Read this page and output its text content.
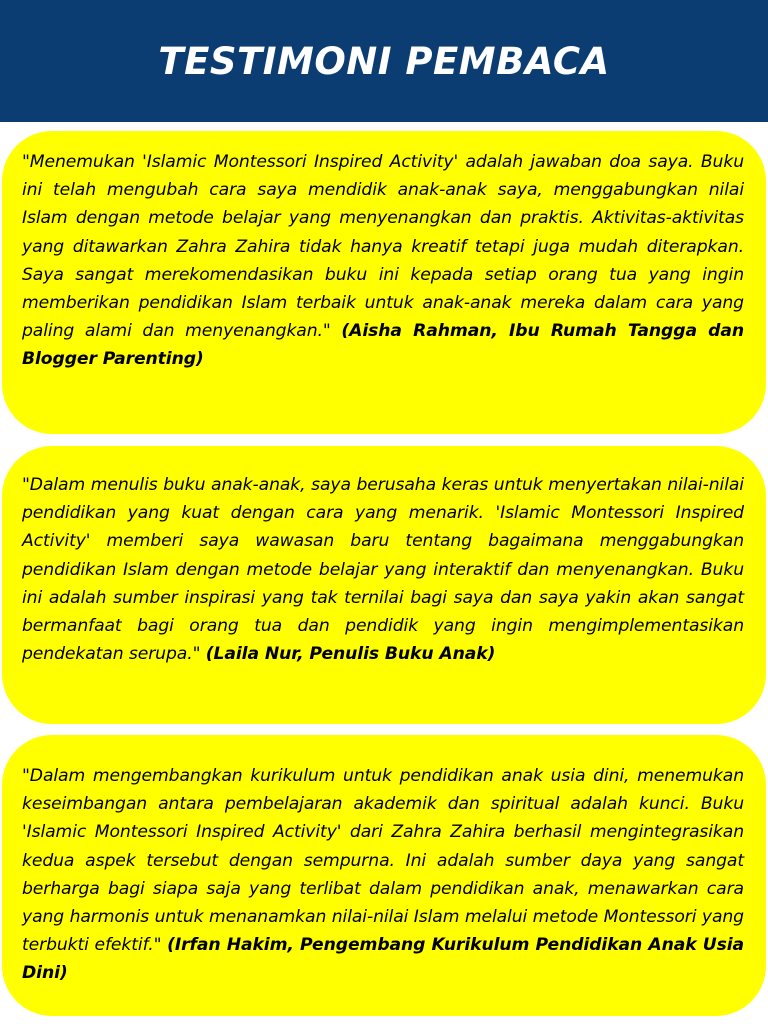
TESTIMONI PEMBACA

"Menemukan 'Islamic Montessori Inspired Activity' adalah jawaban doa saya. Buku ini telah mengubah cara saya mendidik anak-anak saya, menggabungkan nilai Islam dengan metode belajar yang menyenangkan dan praktis. Aktivitas-aktivitas yang ditawarkan Zahra Zahira tidak hanya kreatif tetapi juga mudah diterapkan. Saya sangat merekomendasikan buku ini kepada setiap orang tua yang ingin memberikan pendidikan Islam terbaik untuk anak-anak mereka dalam cara yang paling alami dan menyenangkan." (Aisha Rahman, Ibu Rumah Tangga dan Blogger Parenting)

"Dalam menulis buku anak-anak, saya berusaha keras untuk menyertakan nilai-nilai pendidikan yang kuat dengan cara yang menarik. 'Islamic Montessori Inspired Activity' memberi saya wawasan baru tentang bagaimana menggabungkan pendidikan Islam dengan metode belajar yang interaktif dan menyenangkan. Buku ini adalah sumber inspirasi yang tak ternilai bagi saya dan saya yakin akan sangat bermanfaat bagi orang tua dan pendidik yang ingin mengimplementasikan pendekatan serupa." (Laila Nur, Penulis Buku Anak)

"Dalam mengembangkan kurikulum untuk pendidikan anak usia dini, menemukan keseimbangan antara pembelajaran akademik dan spiritual adalah kunci. Buku 'Islamic Montessori Inspired Activity' dari Zahra Zahira berhasil mengintegrasikan kedua aspek tersebut dengan sempurna. Ini adalah sumber daya yang sangat berharga bagi siapa saja yang terlibat dalam pendidikan anak, menawarkan cara yang harmonis untuk menanamkan nilai-nilai Islam melalui metode Montessori yang terbukti efektif." (Irfan Hakim, Pengembang Kurikulum Pendidikan Anak Usia Dini)
